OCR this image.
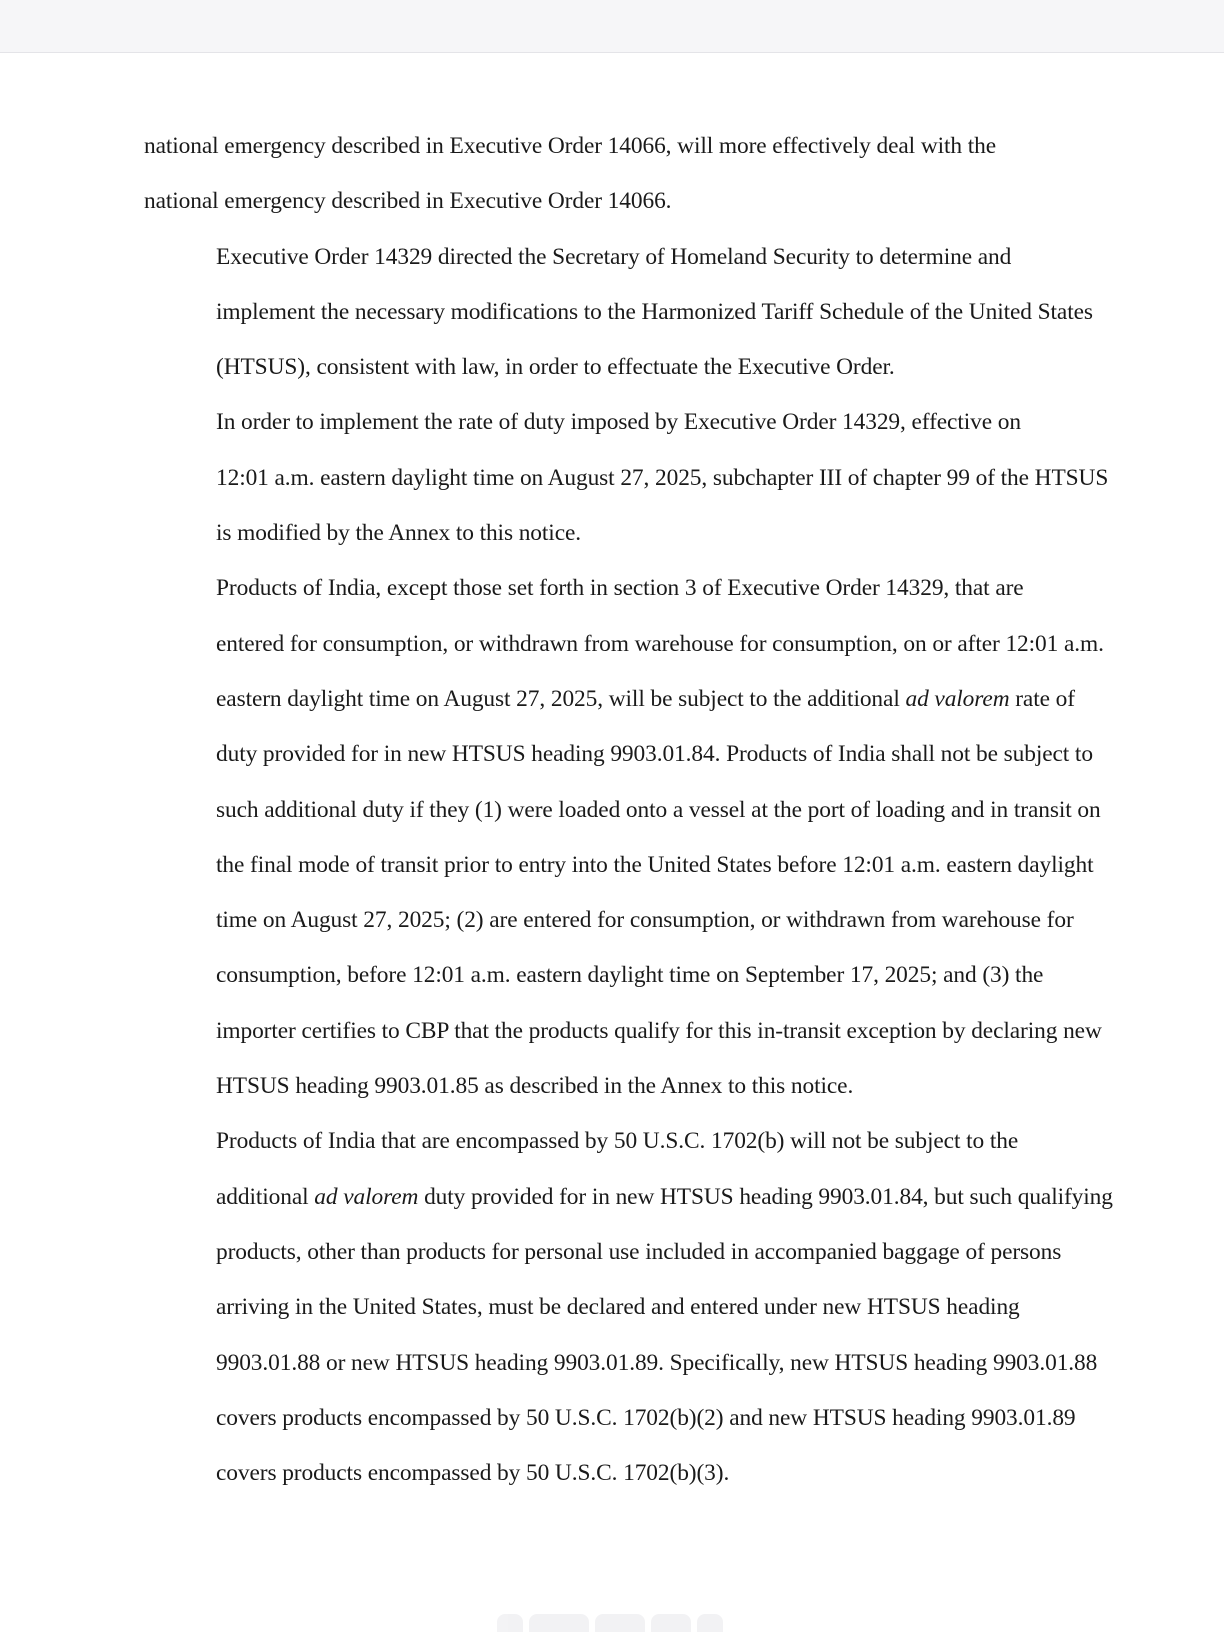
national emergency described in Executive Order 14066, will more effectively deal with the
national emergency described in Executive Order 14066.
Executive Order 14329 directed the Secretary of Homeland Security to determine and
implement the necessary modifications to the Harmonized Tariff Schedule of the United States
(HTSUS), consistent with law, in order to effectuate the Executive Order.
In order to implement the rate of duty imposed by Executive Order 14329, effective on
12:01 a.m. eastern daylight time on August 27, 2025, subchapter III of chapter 99 of the HTSUS
is modified by the Annex to this notice.
Products of India, except those set forth in section 3 of Executive Order 14329, that are
entered for consumption, or withdrawn from warehouse for consumption, on or after 12:01 a.m.
eastern daylight time on August 27, 2025, will be subject to the additional ad valorem rate of
duty provided for in new HTSUS heading 9903.01.84. Products of India shall not be subject to
such additional duty if they (1) were loaded onto a vessel at the port of loading and in transit on
the final mode of transit prior to entry into the United States before 12:01 a.m. eastern daylight
time on August 27, 2025; (2) are entered for consumption, or withdrawn from warehouse for
consumption, before 12:01 a.m. eastern daylight time on September 17, 2025; and (3) the
importer certifies to CBP that the products qualify for this in-transit exception by declaring new
HTSUS heading 9903.01.85 as described in the Annex to this notice.
Products of India that are encompassed by 50 U.S.C. 1702(b) will not be subject to the
additional ad valorem duty provided for in new HTSUS heading 9903.01.84, but such qualifying
products, other than products for personal use included in accompanied baggage of persons
arriving in the United States, must be declared and entered under new HTSUS heading
9903.01.88 or new HTSUS heading 9903.01.89. Specifically, new HTSUS heading 9903.01.88
covers products encompassed by 50 U.S.C. 1702(b)(2) and new HTSUS heading 9903.01.89
covers products encompassed by 50 U.S.C. 1702(b)(3).
